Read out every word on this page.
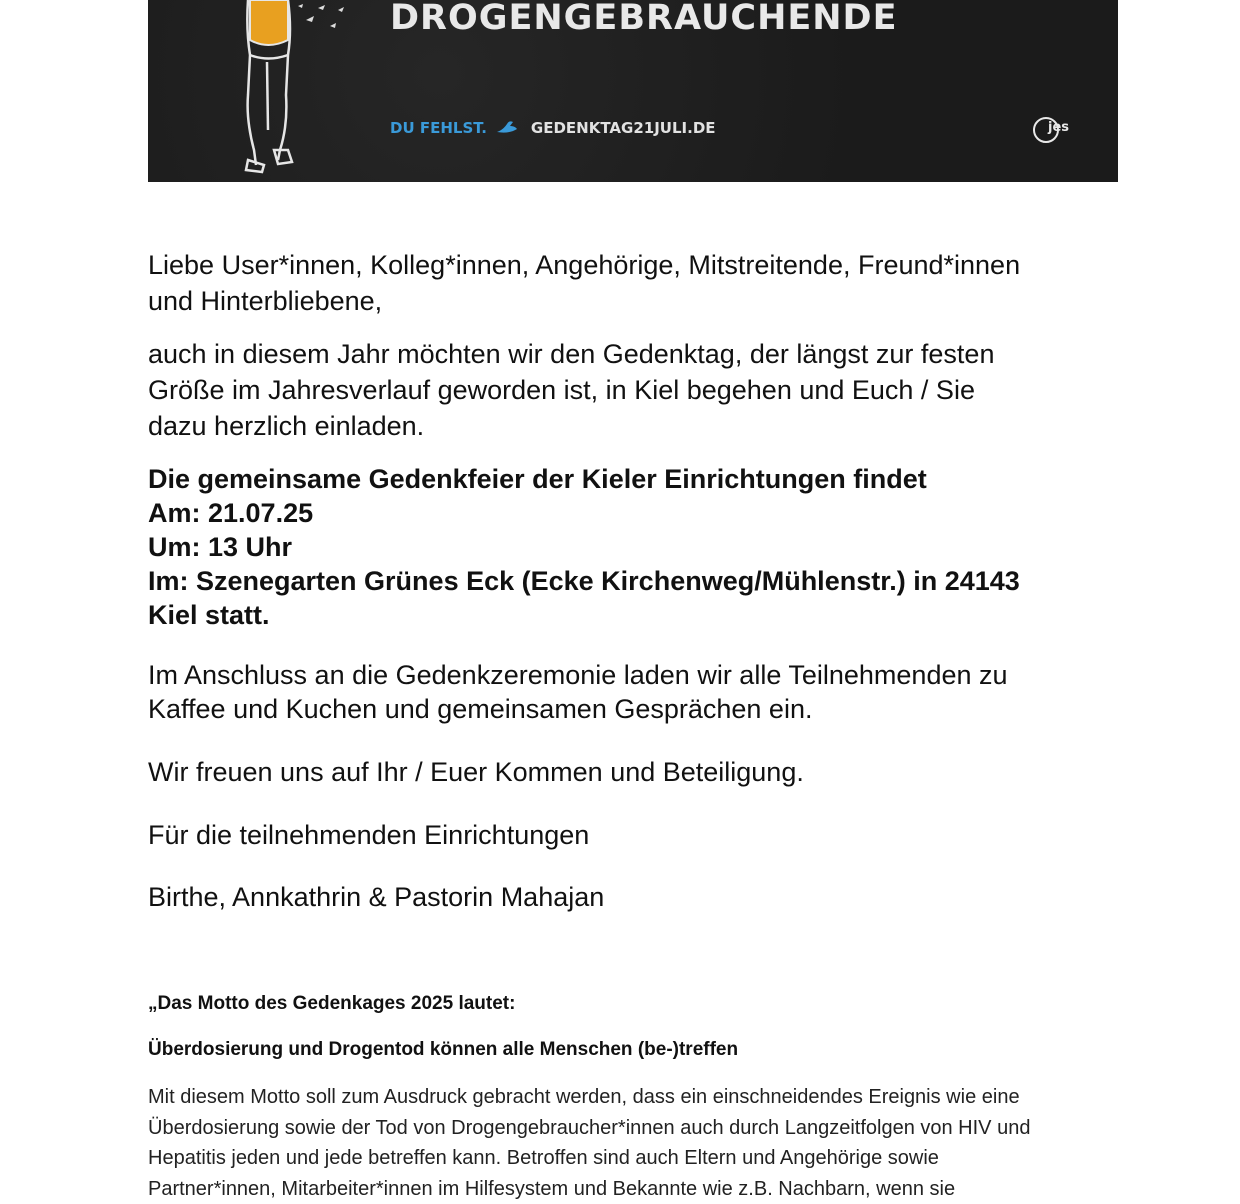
DROGENGEBRAUCHENDE
DU FEHLST.	GEDENKTAG21JULI.DE	jes
Liebe User*innen, Kolleg*innen, Angehörige, Mitstreitende, Freund*innen
und Hinterbliebene,
auch in diesem Jahr möchten wir den Gedenktag, der längst zur festen
Größe im Jahresverlauf geworden ist, in Kiel begehen und Euch / Sie
dazu herzlich einladen.
Die gemeinsame Gedenkfeier der Kieler Einrichtungen findet
Am: 21.07.25
Um: 13 Uhr
Im: Szenegarten Grünes Eck (Ecke Kirchenweg/Mühlenstr.) in 24143
Kiel statt.
Im Anschluss an die Gedenkzeremonie laden wir alle Teilnehmenden zu
Kaffee und Kuchen und gemeinsamen Gesprächen ein.
Wir freuen uns auf Ihr / Euer Kommen und Beteiligung.
Für die teilnehmenden Einrichtungen
Birthe, Annkathrin & Pastorin Mahajan
„Das Motto des Gedenkages 2025 lautet:
Überdosierung und Drogentod können alle Menschen (be-)treffen
Mit diesem Motto soll zum Ausdruck gebracht werden, dass ein einschneidendes Ereignis wie eine
Überdosierung sowie der Tod von Drogengebraucher*innen auch durch Langzeitfolgen von HIV und
Hepatitis jeden und jede betreffen kann. Betroffen sind auch Eltern und Angehörige sowie
Partner*innen, Mitarbeiter*innen im Hilfesystem und Bekannte wie z.B. Nachbarn, wenn sie
